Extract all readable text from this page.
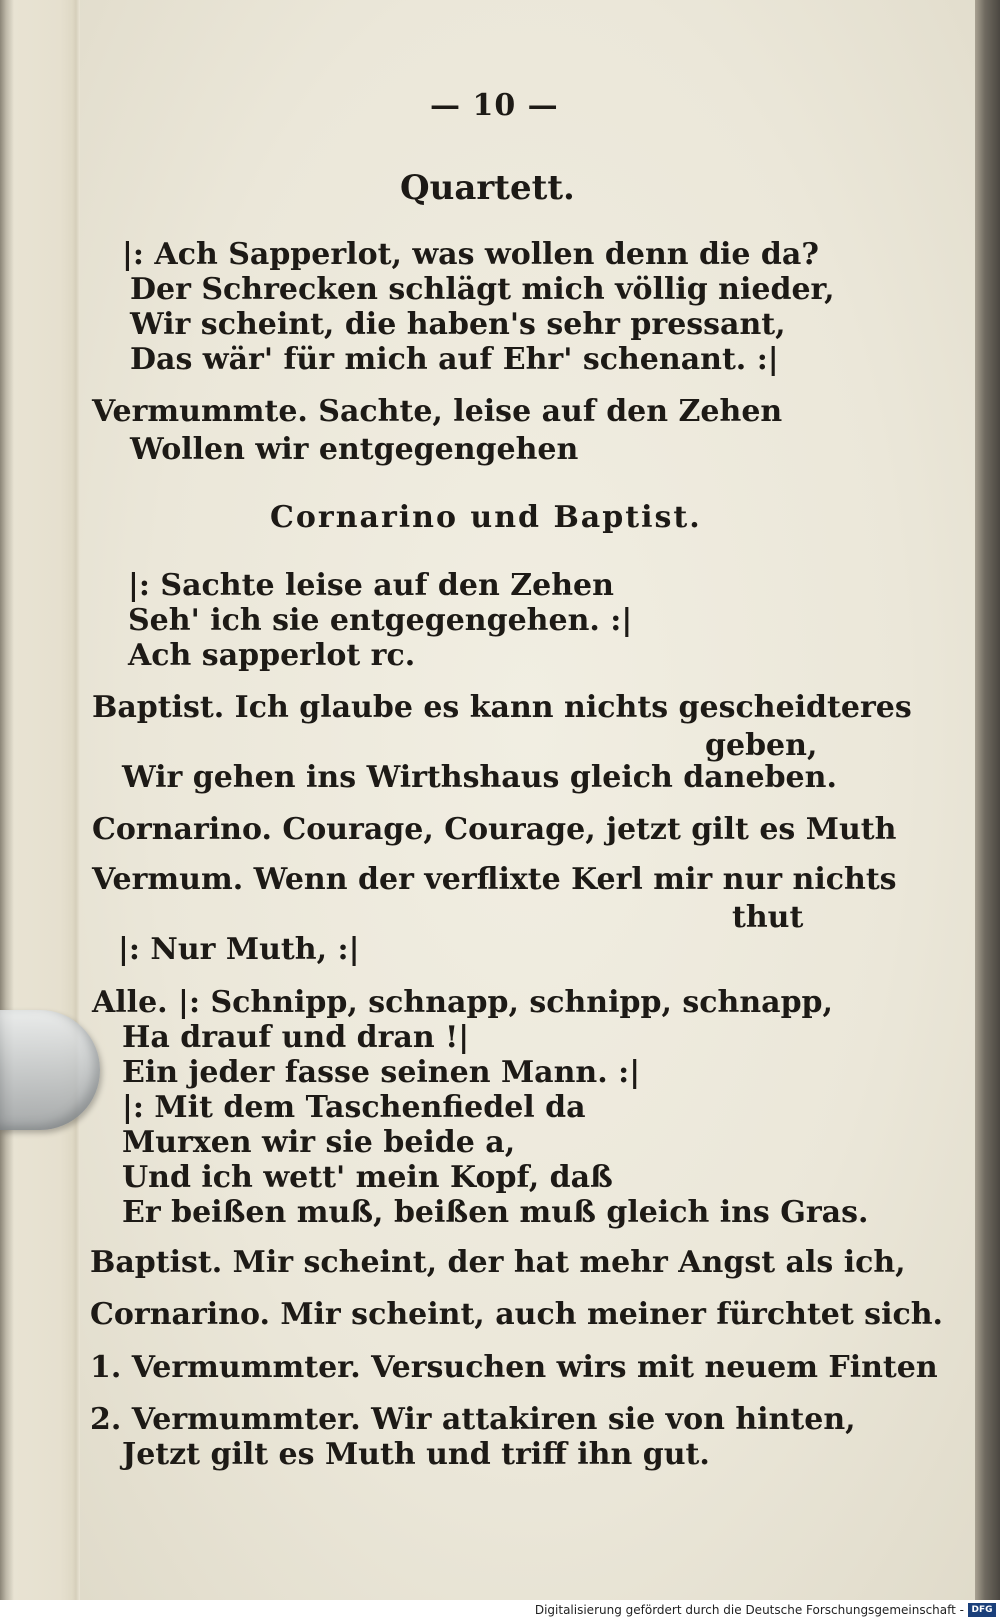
— 10 —
Quartett.
|: Ach Sapperlot, was wollen denn die da?
Der Schrecken schlägt mich völlig nieder,
Wir scheint, die haben's sehr pressant,
Das wär' für mich auf Ehr' schenant. :|
Vermummte. Sachte, leise auf den Zehen
Wollen wir entgegengehen
Cornarino und Baptist.
|: Sachte leise auf den Zehen
Seh' ich sie entgegengehen. :|
Ach sapperlot rc.
Baptist. Ich glaube es kann nichts gescheidteres
geben,
Wir gehen ins Wirthshaus gleich daneben.
Cornarino. Courage, Courage, jetzt gilt es Muth
Vermum. Wenn der verflixte Kerl mir nur nichts
thut
|: Nur Muth, :|
Alle. |: Schnipp, schnapp, schnipp, schnapp,
Ha drauf und dran !|
Ein jeder fasse seinen Mann. :|
|: Mit dem Taschenfiedel da
Murxen wir sie beide a,
Und ich wett' mein Kopf, daß
Er beißen muß, beißen muß gleich ins Gras.
Baptist. Mir scheint, der hat mehr Angst als ich,
Cornarino. Mir scheint, auch meiner fürchtet sich.
1. Vermummter. Versuchen wirs mit neuem Finten
2. Vermummter. Wir attakiren sie von hinten,
Jetzt gilt es Muth und triff ihn gut.
Digitalisierung gefördert durch die Deutsche Forschungsgemeinschaft - DFG
